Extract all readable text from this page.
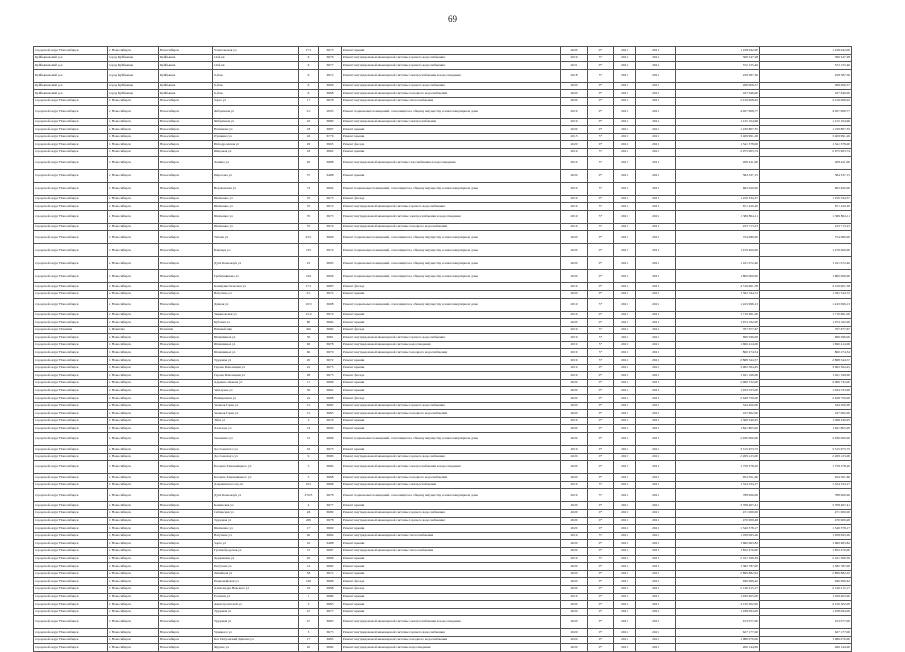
69
городской округ Новосибирск	г. Новосибирск	Новосибирск	Учительская ул	17/1	6973	Ремонт крыши	2020	0*	2021	2021	1 228 942,00	1 228 942,00
Куйбышевский р-н	город Куйбышев	Куйбышев	10-й кв	6	6976	Ремонт внутридомовой инженерной системы горячего водоснабжения	2019	5*	2021	2021	396 547,28	396 547,28
Куйбышевский р-н	город Куйбышев	Куйбышев	10-й кв	6	6977	Ремонт внутридомовой инженерной системы горячего водоснабжения	2021	0*	2021	2021	572 155,46	572 155,46
Куйбышевский р-н	город Куйбышев	Куйбышев	6-й кв	9	6972	Ремонт внутридомовой инженерной системы электроснабжения и водоотведения	2018	5*	2021	2021	258 387,56	258 387,56
Куйбышевский р-н	город Куйбышев	Куйбышев	6-й кв	6	6966	Ремонт внутридомовой инженерной системы горячего водоснабжения	2020	0*	2021	2021	268 006,57	268 006,57
Куйбышевский р-н	город Куйбышев	Куйбышев	6-й кв	6	6968	Ремонт внутридомовой инженерной системы холодного водоснабжения	2020	0*	2021	2021	167 646,00	167 646,00
городской округ Новосибирск	г. Новосибирск	Новосибирск	Зорге ул	17	6978	Ремонт внутридомовой инженерной системы теплоснабжения	2020	0*	2021	2021	2 419 008,02	2 419 008,02
городской округ Новосибирск	г. Новосибирск	Новосибирск	Фабричная ул	5/1	2003	Ремонт подвальных помещений, относящихся к общему имуществу в многоквартирном доме	2019	0*	2021	2021	4 927 908,77	4 927 908,77
городской округ Новосибирск	г. Новосибирск	Новосибирск	Фабричная ул	10	6980	Ремонт внутридомовой инженерной системы электроснабжения	2019	0*	2021	2021	1 125 104,96	1 125 104,96
городской округ Новосибирск	г. Новосибирск	Новосибирск	Нахимова ул	18	6987	Ремонт крыши	2020	0*	2021	2021	1 230 807,35	1 230 807,35
городской округ Новосибирск	г. Новосибирск	Новосибирск	Пушкина ул	26	6776	Ремонт крыши	2015	5*	2021	2021	3 409 991,26	3 409 991,26
городской округ Новосибирск	г. Новосибирск	Новосибирск	Ипподромская ул	29	6993	Ремонт фасада	2020	0*	2021	2021	1 341 378,00	1 341 378,00
городской округ Новосибирск	г. Новосибирск	Новосибирск	Широкая ул	18	6982	Ремонт крыши	2019	5*	2021	2021	2 975 903,74	2 975 903,74
городской округ Новосибирск	г. Новосибирск	Новосибирск	Ленина ул	20	6988	Ремонт внутридомовой инженерной системы газоснабжения и водоотведения	2019	5*	2021	2021	208 421,00	208 421,00
городской округ Новосибирск	г. Новосибирск	Новосибирск	Пирогова ул	37	6488	Ремонт крыши	2020	0*	2021	2021	584 337,15	584 337,15
городской округ Новосибирск	г. Новосибирск	Новосибирск	Вертковская ул	73	6994	Ремонт подвальных помещений, относящихся к общему имуществу в многоквартирном доме	2019	5*	2021	2021	665 620,00	665 620,00
городской округ Новосибирск	г. Новосибирск	Новосибирск	Шевченко ул	70	6975	Ремонт фасада	2019	0*	2021	2021	1 250 334,57	1 250 334,57
городской округ Новосибирск	г. Новосибирск	Новосибирск	Шевченко ул	70	6972	Ремонт внутридомовой инженерной системы горячего водоснабжения	2019	5*	2021	2021	671 220,20	671 220,20
городской округ Новосибирск	г. Новосибирск	Новосибирск	Шевченко ул	70	6973	Ремонт внутридомовой инженерной системы электроснабжения и водоотведения	2019	5*	2021	2021	1 369 804,11	1 369 804,11
городской округ Новосибирск	г. Новосибирск	Новосибирск	Шевченко ул	70	6974	Ремонт внутридомовой инженерной системы холодного водоснабжения	2019	5*	2021	2021	433 713,23	433 713,23
городской округ Новосибирск	г. Новосибирск	Новосибирск	Титова ул	23/1	6966	Ремонт подвальных помещений, относящихся к общему имуществу в многоквартирном доме	2020	0*	2021	2021	754 080,00	754 080,00
городской округ Новосибирск	г. Новосибирск	Новосибирск	Блюхера ул	105	6974	Ремонт подвальных помещений, относящихся к общему имуществу в многоквартирном доме	2020	0*	2021	2021	1 479 400,00	1 479 400,00
городской округ Новосибирск	г. Новосибирск	Новосибирск	Дуси Ковальчук ул	23	6995	Ремонт подвальных помещений, относящихся к общему имуществу в многоквартирном доме	2020	0*	2021	2021	1 161 072,40	1 161 072,40
городской округ Новосибирск	г. Новосибирск	Новосибирск	Гребенщикова ул	104	6996	Ремонт подвальных помещений, относящихся к общему имуществу в многоквартирном доме	2020	0*	2021	2021	1 800 000,00	1 800 000,00
городской округ Новосибирск	г. Новосибирск	Новосибирск	Коммунистическая ул	17/1	6985	Ремонт фасада	2019	0*	2021	2021	4 319 901,58	4 319 901,58
городской округ Новосибирск	г. Новосибирск	Новосибирск	Ватутина ул	2/1	6974	Ремонт крыши	2020	0*	2021	2021	1 392 544,72	1 392 544,72
городской округ Новосибирск	г. Новосибирск	Новосибирск	Дачная ул	19/3	6998	Ремонт подвальных помещений, относящихся к общему имуществу в многоквартирном доме	2019	5*	2021	2021	1 243 096,13	1 243 096,13
городской округ Новосибирск	г. Новосибирск	Новосибирск	Зыряновская ул	15/2	6972	Ремонт крыши	2019	0*	2021	2021	1 710 691,00	1 710 691,00
городской округ Новосибирск	г. Новосибирск	Новосибирск	Кубовая ул	80	6984	Ремонт крыши	2020	0*	2021	2021	1 974 162,00	1 974 162,00
городской округ Искитим	г. Искитим	Искитим	Южный мкр	40а	6984	Ремонт фасада	2019	5*	2021	2021	767 677,67	767 677,67
городской округ Новосибирск	г. Новосибирск	Новосибирск	Шамшиных ул	30	6981	Ремонт внутридомовой инженерной системы горячего водоснабжения	2019	5*	2021	2021	699 596,00	699 596,00
городской округ Новосибирск	г. Новосибирск	Новосибирск	Шамшиных ул	60	6978	Ремонт внутридомовой инженерной системы водоотведения	2019	5*	2021	2021	1 690 414,06	1 690 414,06
городской округ Новосибирск	г. Новосибирск	Новосибирск	Шамшиных ул	60	6979	Ремонт внутридомовой инженерной системы холодного водоснабжения	2019	5*	2021	2021	860 274,54	860 274,54
городской округ Новосибирск	г. Новосибирск	Новосибирск	Трудовая ул	20	6972	Ремонт крыши	2019	5*	2021	2021	2 868 344,57	2 868 344,57
городской округ Новосибирск	г. Новосибирск	Новосибирск	Героев Революции ул	22	6975	Ремонт крыши	2019	0*	2021	2021	3 902 564,45	3 902 564,45
городской округ Новосибирск	г. Новосибирск	Новосибирск	Героев Революции ул	28	6975	Ремонт фасада	2019	0*	2021	2021	1 021 199,00	1 021 199,00
городской округ Новосибирск	г. Новосибирск	Новосибирск	Адриена Лежена ул	11	6986	Ремонт крыши	2020	0*	2021	2021	2 069 732,00	2 069 732,00
городской округ Новосибирск	г. Новосибирск	Новосибирск	Забалуева ул	30	6992	Ремонт крыши	2020	0*	2021	2021	1 034 533,00	1 034 533,00
городской округ Новосибирск	г. Новосибирск	Новосибирск	Немировича ул	2а	6988	Ремонт фасада	2020	0*	2021	2021	2 628 750,00	2 628 750,00
городской округ Новосибирск	г. Новосибирск	Новосибирск	Зеленая Горка ул	1/1	6982	Ремонт внутридомовой инженерной системы горячего водоснабжения	2020	0*	2021	2021	544 200,00	544 200,00
городской округ Новосибирск	г. Новосибирск	Новосибирск	Зеленая Горка ул	1/1	6985	Ремонт внутридомовой инженерной системы холодного водоснабжения	2020	0*	2021	2021	197 962,00	197 962,00
городской округ Новосибирск	г. Новосибирск	Новосибирск	Эйхе ул	3	6976	Ремонт крыши	2019	0*	2021	2021	1 368 340,95	1 368 340,95
городской округ Новосибирск	г. Новосибирск	Новосибирск	Хальзова ул	14	6990	Ремонт крыши	2020	0*	2021	2021	1 841 805,00	1 841 805,00
городской округ Новосибирск	г. Новосибирск	Новосибирск	Тюленина ул	15	6986	Ремонт подвальных помещений, относящихся к общему имуществу в многоквартирном доме	2020	0*	2021	2021	2 930 000,00	2 930 000,00
городской округ Новосибирск	г. Новосибирск	Новосибирск	Достоевского ул	16	6975	Ремонт крыши	2019	0*	2021	2021	3 515 673,75	3 515 673,75
городской округ Новосибирск	г. Новосибирск	Новосибирск	Достоевского ул	9	6980	Ремонт внутридомовой инженерной системы горячего водоснабжения	2020	0*	2021	2021	2 209 123,00	2 209 123,00
городской округ Новосибирск	г. Новосибирск	Новосибирск	Богдана Хмельницкого ул	5	6984	Ремонт внутридомовой инженерной системы электроснабжения и водоотведения	2020	0*	2021	2021	1 759 378,20	1 759 378,20
городской округ Новосибирск	г. Новосибирск	Новосибирск	Богдана Хмельницкого ул	5	6988	Ремонт внутридомовой инженерной системы холодного водоснабжения	2020	0*	2021	2021	954 501,60	954 501,60
городской округ Новосибирск	г. Новосибирск	Новосибирск	Дзержинского пр-кт	10/1	6986	Ремонт внутридомовой инженерной системы электроснабжения	2019	5*	2021	2021	1 524 334,17	1 524 334,17
городской округ Новосибирск	г. Новосибирск	Новосибирск	Дуси Ковальчук ул	270/3	6978	Ремонт подвальных помещений, относящихся к общему имуществу в многоквартирном доме	2019	5*	2021	2021	788 000,00	788 000,00
городской округ Новосибирск	г. Новосибирск	Новосибирск	Каменская ул	4	6977	Ремонт крыши	2020	0*	2021	2021	3 708 407,41	3 708 407,41
городской округ Новосибирск	г. Новосибирск	Новосибирск	Сибирская ул	26	6980	Ремонт внутридомовой инженерной системы горячего водоснабжения	2020	0*	2021	2021	471 000,00	471 000,00
городской округ Новосибирск	г. Новосибирск	Новосибирск	Трудовая ул	200	6978	Ремонт внутридомовой инженерной системы горячего водоснабжения	2020	0*	2021	2021	470 009,48	470 009,48
городской округ Новосибирск	г. Новосибирск	Новосибирск	Шевченко ул	17	6990	Ремонт крыши	2020	0*	2021	2021	1 340 378,17	1 340 378,17
городской округ Новосибирск	г. Новосибирск	Новосибирск	Ватутина ул	40	6984	Ремонт внутридомовой инженерной системы теплоснабжения	2019	5*	2021	2021	1 058 093,26	1 058 093,26
городской округ Новосибирск	г. Новосибирск	Новосибирск	Зорге ул	10	6488	Ремонт крыши	2020	0*	2021	2021	1 660 663,82	1 660 663,82
городской округ Новосибирск	г. Новосибирск	Новосибирск	Гусинобродская ул	15	6987	Ремонт внутридомовой инженерной системы теплоснабжения	2020	0*	2021	2021	1 852 470,00	1 852 470,00
городской округ Новосибирск	г. Новосибирск	Новосибирск	Державина ул	20	6986	Ремонт крыши	2019	5*	2021	2021	2 161 569,39	2 161 569,39
городской округ Новосибирск	г. Новосибирск	Новосибирск	Петухова ул	14	6982	Ремонт крыши	2020	0*	2021	2021	1 382 787,00	1 382 787,00
городской округ Новосибирск	г. Новосибирск	Новосибирск	Линейная ул	58	6972	Ремонт крыши	2020	0*	2021	2021	2 899 882,02	2 899 882,02
городской округ Новосибирск	г. Новосибирск	Новосибирск	Первомайская ул	100	6986	Ремонт фасада	2020	0*	2021	2021	940 999,42	940 999,42
городской округ Новосибирск	г. Новосибирск	Новосибирск	Александра Невского ул	19	6988	Ремонт фасада	2020	0*	2021	2021	2 140 215,17	2 140 215,17
городской округ Новосибирск	г. Новосибирск	Новосибирск	Есенина ул	1	6989	Ремонт крыши	2019	0*	2021	2021	1 039 405,00	1 039 405,00
городской округ Новосибирск	г. Новосибирск	Новосибирск	Авиастроителей ул	3	6985	Ремонт крыши	2020	0*	2021	2021	4 150 302,00	4 150 302,00
городской округ Новосибирск	г. Новосибирск	Новосибирск	Трудовая ул	47	6977	Ремонт крыши	2020	0*	2021	2021	1 038 094,00	1 038 094,00
городской округ Новосибирск	г. Новосибирск	Новосибирск	Трудовая ул	47	6983	Ремонт внутридомовой инженерной системы электроснабжения и водоотведения	2020	0*	2021	2021	913 077,00	913 077,00
городской округ Новосибирск	г. Новосибирск	Новосибирск	Урицкого ул	3	6975	Ремонт внутридомовой инженерной системы горячего водоснабжения	2020	0*	2021	2021	627 177,00	627 177,00
городской округ Новосибирск	г. Новосибирск	Новосибирск	Кот Петровский Димтич ул	17	6985	Ремонт внутридомовой инженерной системы холодного водоснабжения	2020	0*	2021	2021	1 986 070,00	1 986 070,00
городской округ Новосибирск	г. Новосибирск	Новосибирск	Фрунзе ул	20	6982	Ремонт внутридомовой инженерной системы водоотведения	2020	0*	2021	2021	266 144,00	266 144,00
